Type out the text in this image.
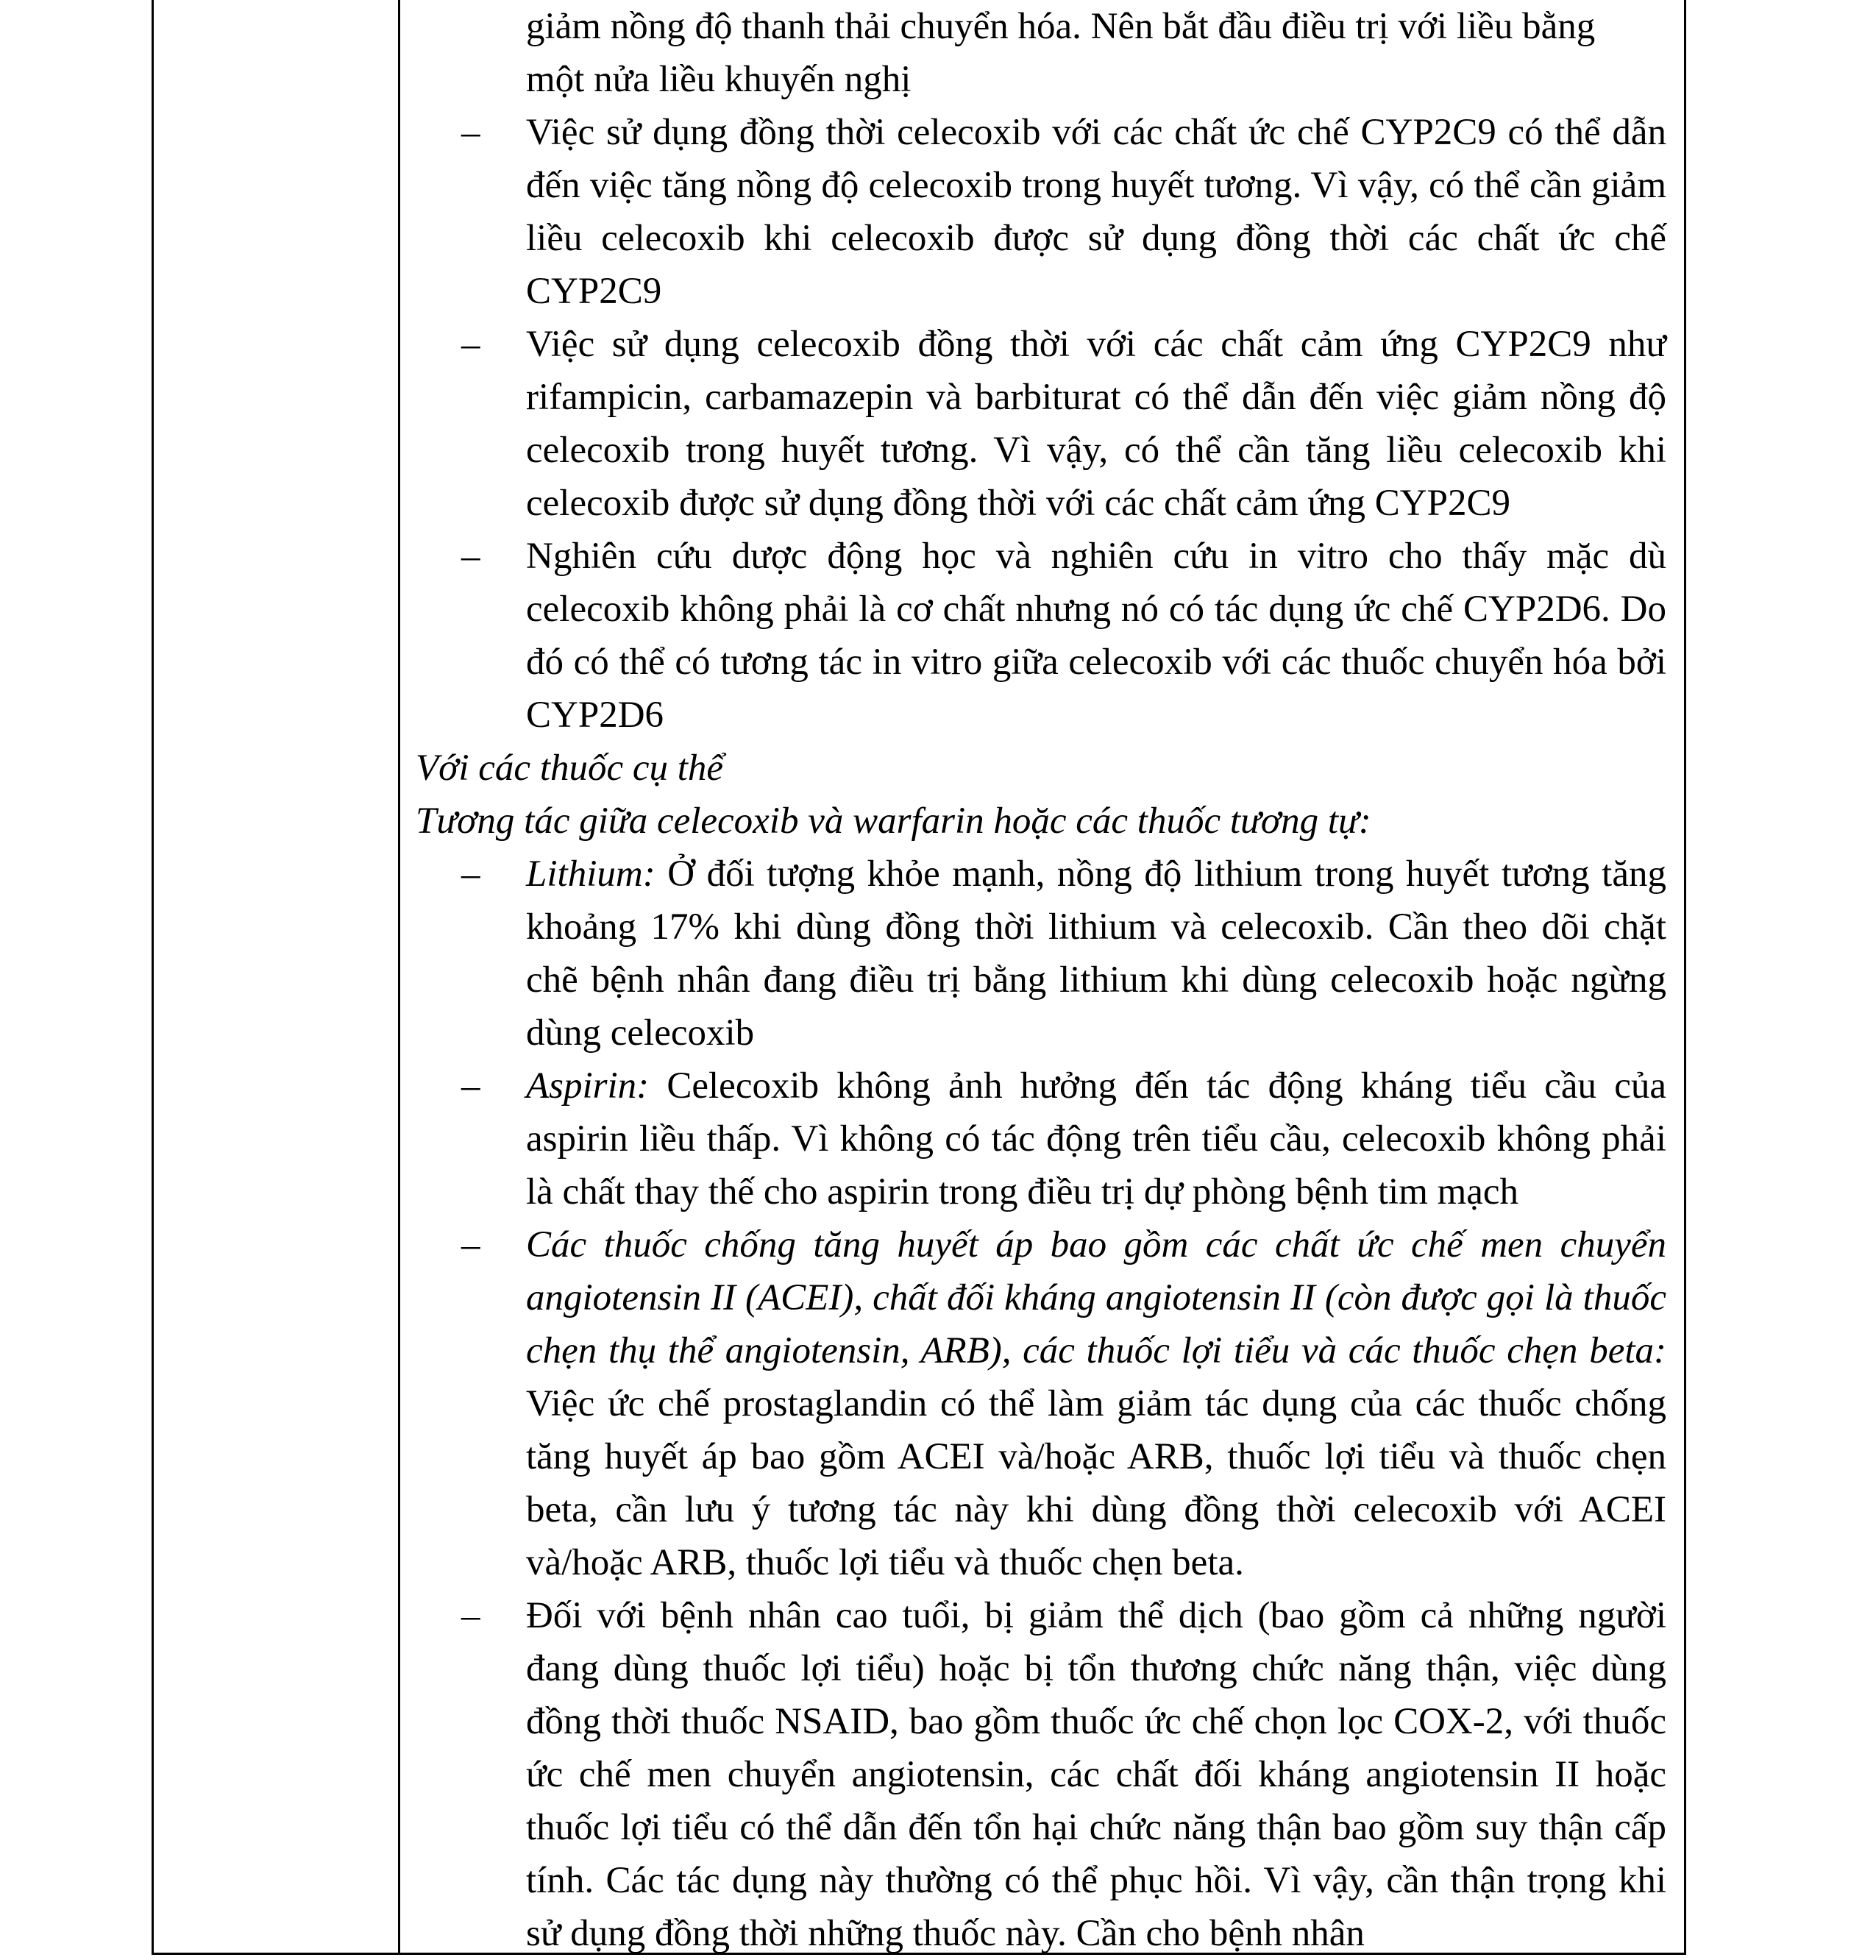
giảm nồng độ thanh thải chuyển hóa. Nên bắt đầu điều trị với liều bằng
một nửa liều khuyến nghị
– Việc sử dụng đồng thời celecoxib với các chất ức chế CYP2C9 có thể dẫn đến việc tăng nồng độ celecoxib trong huyết tương. Vì vậy, có thể cần giảm liều celecoxib khi celecoxib được sử dụng đồng thời các chất ức chế CYP2C9
– Việc sử dụng celecoxib đồng thời với các chất cảm ứng CYP2C9 như rifampicin, carbamazepin và barbiturat có thể dẫn đến việc giảm nồng độ celecoxib trong huyết tương. Vì vậy, có thể cần tăng liều celecoxib khi celecoxib được sử dụng đồng thời với các chất cảm ứng CYP2C9
– Nghiên cứu dược động học và nghiên cứu in vitro cho thấy mặc dù celecoxib không phải là cơ chất nhưng nó có tác dụng ức chế CYP2D6. Do đó có thể có tương tác in vitro giữa celecoxib với các thuốc chuyển hóa bởi CYP2D6
Với các thuốc cụ thể
Tương tác giữa celecoxib và warfarin hoặc các thuốc tương tự:
– Lithium: Ở đối tượng khỏe mạnh, nồng độ lithium trong huyết tương tăng khoảng 17% khi dùng đồng thời lithium và celecoxib. Cần theo dõi chặt chẽ bệnh nhân đang điều trị bằng lithium khi dùng celecoxib hoặc ngừng dùng celecoxib
– Aspirin: Celecoxib không ảnh hưởng đến tác động kháng tiểu cầu của aspirin liều thấp. Vì không có tác động trên tiểu cầu, celecoxib không phải là chất thay thế cho aspirin trong điều trị dự phòng bệnh tim mạch
– Các thuốc chống tăng huyết áp bao gồm các chất ức chế men chuyển angiotensin II (ACEI), chất đối kháng angiotensin II (còn được gọi là thuốc chẹn thụ thể angiotensin, ARB), các thuốc lợi tiểu và các thuốc chẹn beta: Việc ức chế prostaglandin có thể làm giảm tác dụng của các thuốc chống tăng huyết áp bao gồm ACEI và/hoặc ARB, thuốc lợi tiểu và thuốc chẹn beta, cần lưu ý tương tác này khi dùng đồng thời celecoxib với ACEI và/hoặc ARB, thuốc lợi tiểu và thuốc chẹn beta.
– Đối với bệnh nhân cao tuổi, bị giảm thể dịch (bao gồm cả những người đang dùng thuốc lợi tiểu) hoặc bị tổn thương chức năng thận, việc dùng đồng thời thuốc NSAID, bao gồm thuốc ức chế chọn lọc COX-2, với thuốc ức chế men chuyển angiotensin, các chất đối kháng angiotensin II hoặc thuốc lợi tiểu có thể dẫn đến tổn hại chức năng thận bao gồm suy thận cấp tính. Các tác dụng này thường có thể phục hồi. Vì vậy, cần thận trọng khi sử dụng đồng thời những thuốc này. Cần cho bệnh nhân
